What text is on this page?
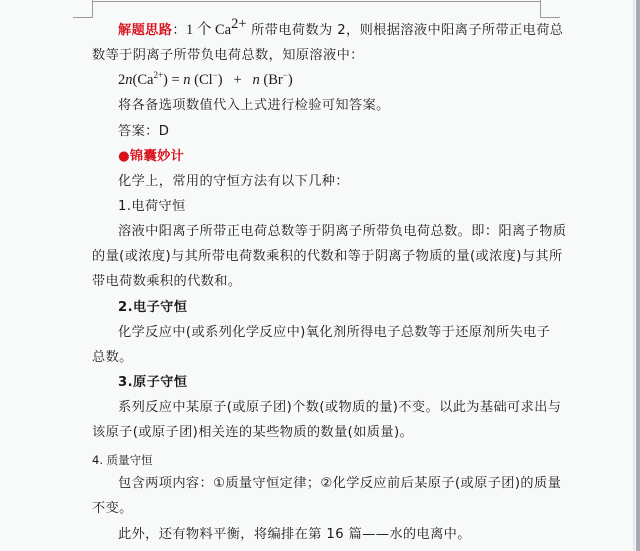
解题思路：1 个 $Ca^{2+}$ 所带电荷数为 2，则根据溶液中阳离子所带正电荷总
数等于阴离子所带负电荷总数，知原溶液中：
$2n(Ca^{2+}) = n$ (Cl−)   +   n (Br−)
将各备选项数值代入上式进行检验可知答案。
答案：D
●锦囊妙计
化学上，常用的守恒方法有以下几种：
1.电荷守恒
溶液中阳离子所带正电荷总数等于阴离子所带负电荷总数。即：阳离子物质
的量(或浓度)与其所带电荷数乘积的代数和等于阴离子物质的量(或浓度)与其所
带电荷数乘积的代数和。
2.电子守恒
化学反应中(或系列化学反应中)氧化剂所得电子总数等于还原剂所失电子
总数。
3.原子守恒
系列反应中某原子(或原子团)个数(或物质的量)不变。以此为基础可求出与
该原子(或原子团)相关连的某些物质的数量(如质量)。
4. 质量守恒
包含两项内容：①质量守恒定律；②化学反应前后某原子(或原子团)的质量
不变。
此外，还有物料平衡，将编排在第 16 篇——水的电离中。
